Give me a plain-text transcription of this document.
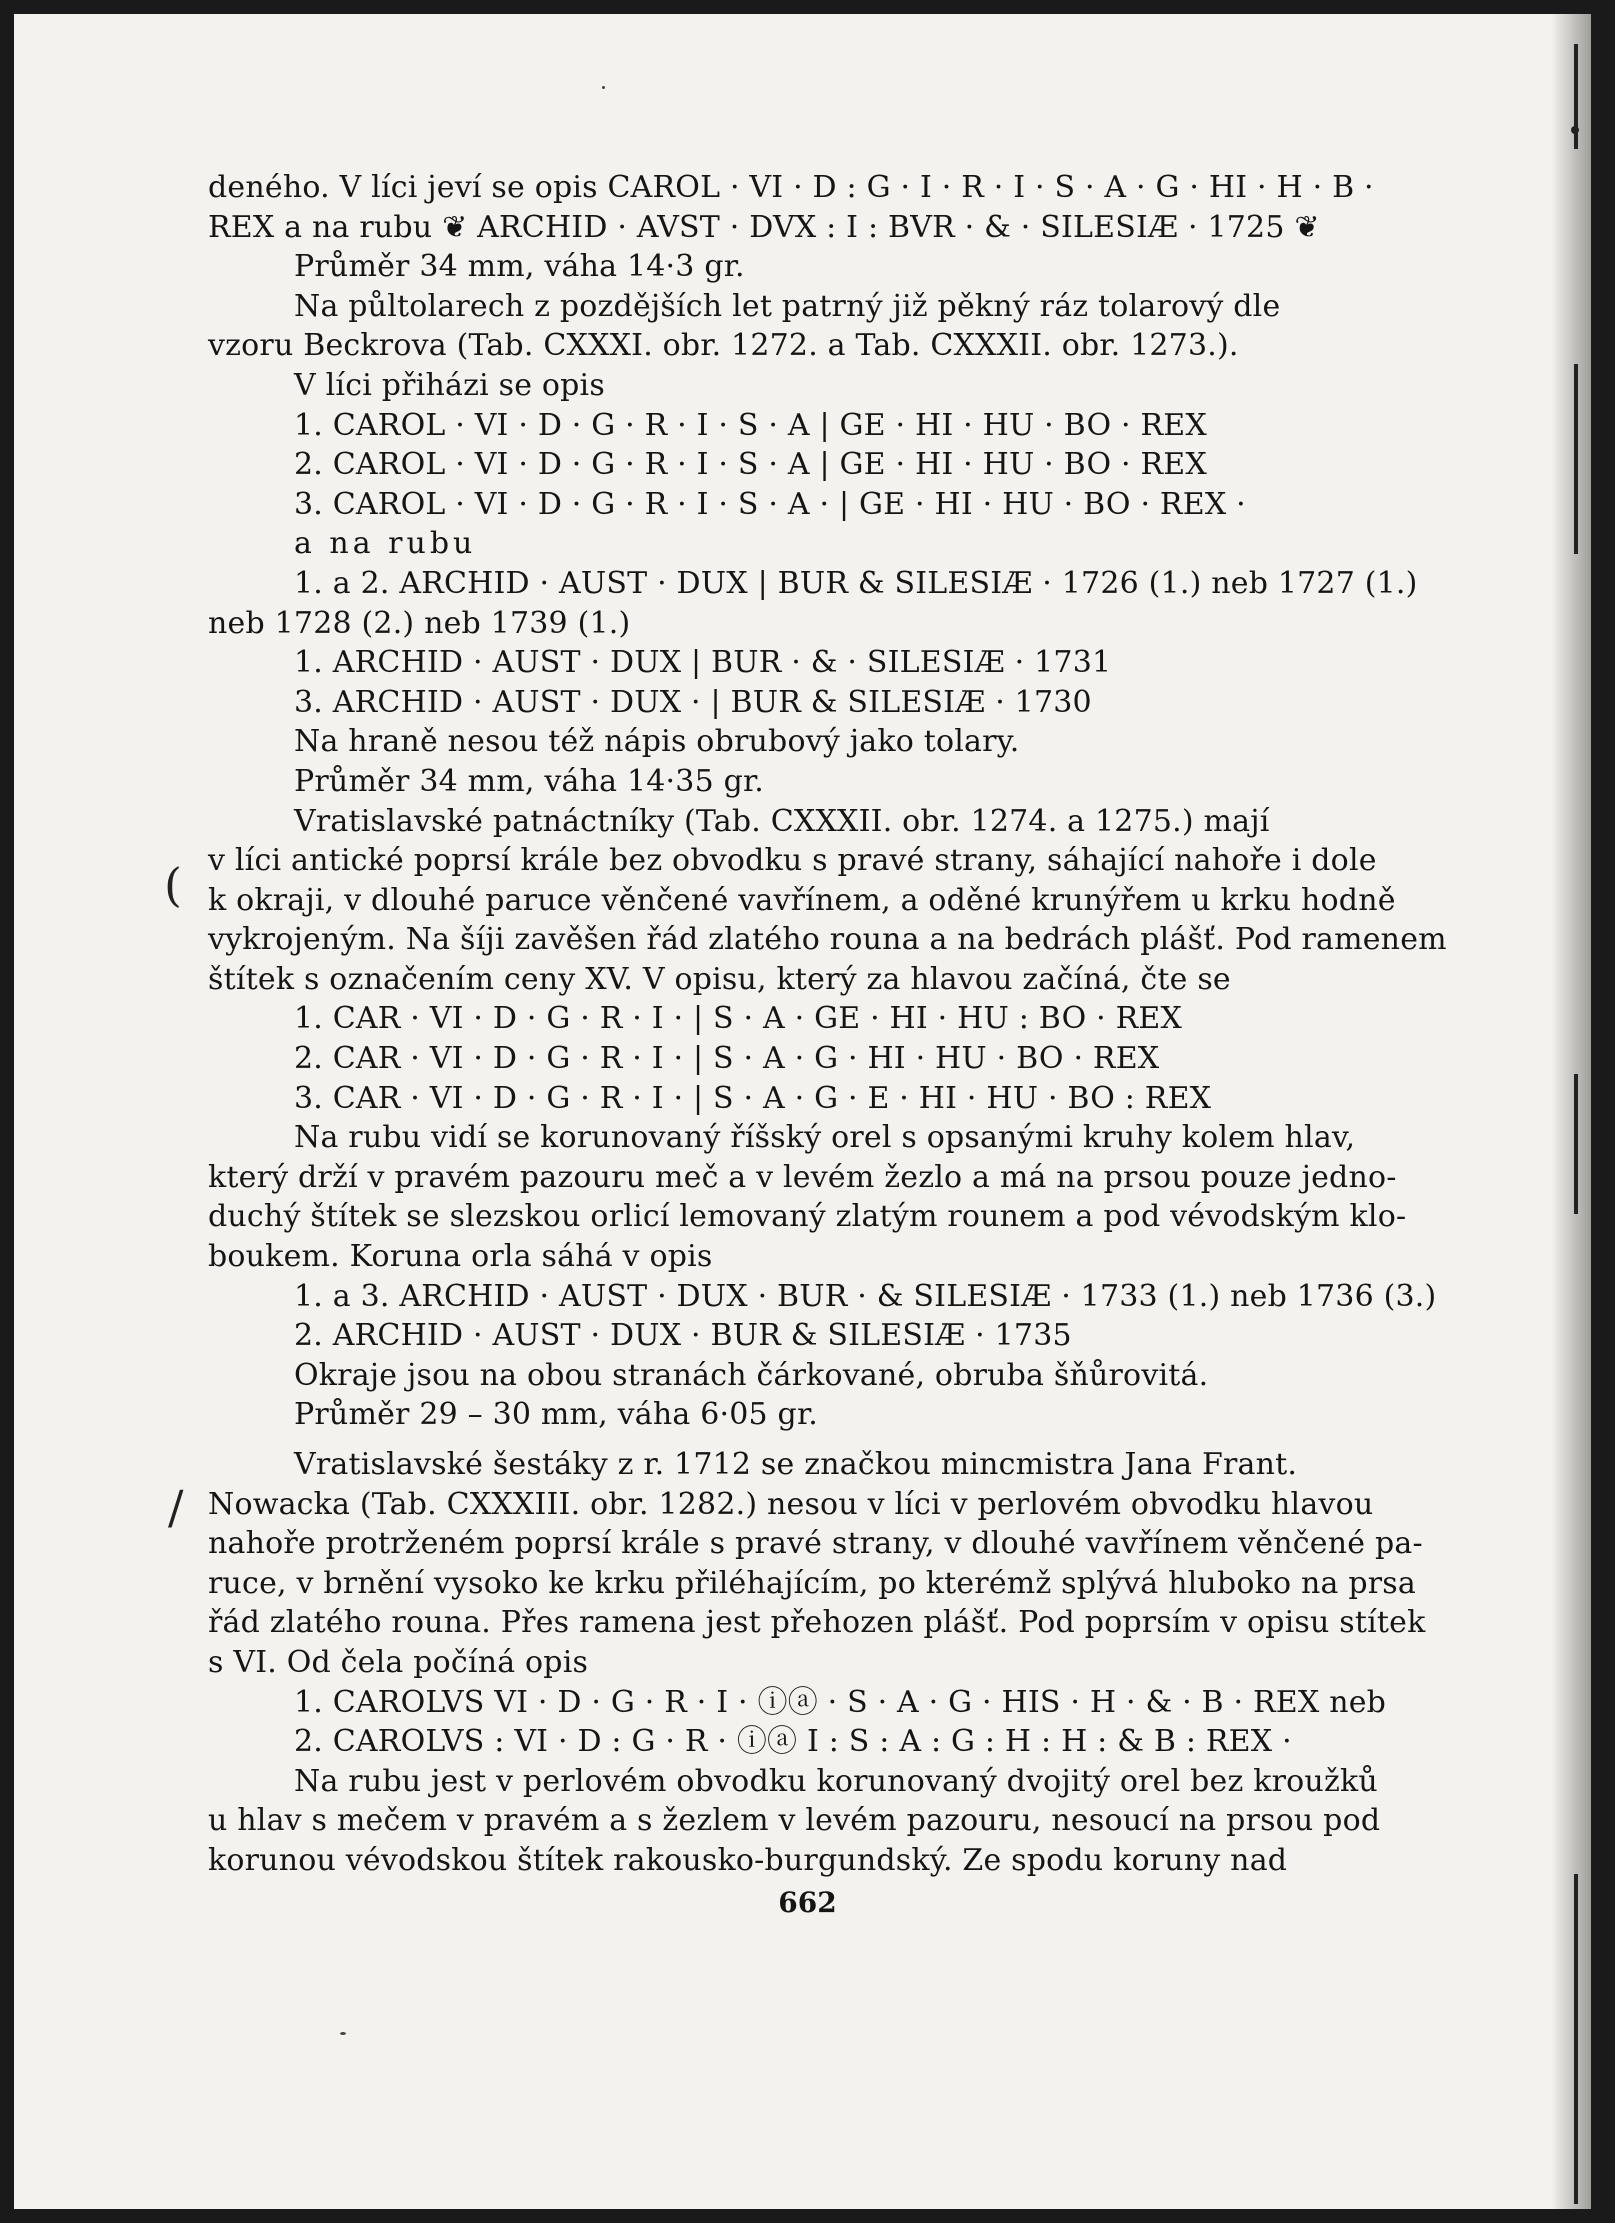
(
/
deného. V líci jeví se opis CAROL · VI · D : G · I · R · I · S · A · G · HI · H · B ·
REX a na rubu ❦ ARCHID · AVST · DVX : I : BVR · & · SILESIÆ · 1725 ❦
Průměr 34 mm, váha 14·3 gr.
Na půltolarech z pozdějších let patrný již pěkný ráz tolarový dle
vzoru Beckrova (Tab. CXXXI. obr. 1272. a Tab. CXXXII. obr. 1273.).
V líci přiházi se opis
1. CAROL · VI · D · G · R · I · S · A | GE · HI · HU · BO · REX
2. CAROL · VI · D · G · R · I · S · A | GE · HI · HU · BO · REX
3. CAROL · VI · D · G · R · I · S · A · | GE · HI · HU · BO · REX ·
a na rubu
1. a 2. ARCHID · AUST · DUX | BUR & SILESIÆ · 1726 (1.) neb 1727 (1.)
neb 1728 (2.) neb 1739 (1.)
1. ARCHID · AUST · DUX | BUR · & · SILESIÆ · 1731
3. ARCHID · AUST · DUX · | BUR & SILESIÆ · 1730
Na hraně nesou též nápis obrubový jako tolary.
Průměr 34 mm, váha 14·35 gr.
Vratislavské patnáctníky (Tab. CXXXII. obr. 1274. a 1275.) mají
v líci antické poprsí krále bez obvodku s pravé strany, sáhající nahoře i dole
k okraji, v dlouhé paruce věnčené vavřínem, a oděné krunýřem u krku hodně
vykrojeným. Na šíji zavěšen řád zlatého rouna a na bedrách plášť. Pod ramenem
štítek s označením ceny XV. V opisu, který za hlavou začíná, čte se
1. CAR · VI · D · G · R · I · | S · A · GE · HI · HU : BO · REX
2. CAR · VI · D · G · R · I · | S · A · G · HI · HU · BO · REX
3. CAR · VI · D · G · R · I · | S · A · G · E · HI · HU · BO : REX
Na rubu vidí se korunovaný říšský orel s opsanými kruhy kolem hlav,
který drží v pravém pazouru meč a v levém žezlo a má na prsou pouze jedno-
duchý štítek se slezskou orlicí lemovaný zlatým rounem a pod vévodským klo-
boukem. Koruna orla sáhá v opis
1. a 3. ARCHID · AUST · DUX · BUR · & SILESIÆ · 1733 (1.) neb 1736 (3.)
2. ARCHID · AUST · DUX · BUR & SILESIÆ · 1735
Okraje jsou na obou stranách čárkované, obruba šňůrovitá.
Průměr 29 – 30 mm, váha 6·05 gr.
Vratislavské šestáky z r. 1712 se značkou mincmistra Jana Frant.
Nowacka (Tab. CXXXIII. obr. 1282.) nesou v líci v perlovém obvodku hlavou
nahoře protrženém poprsí krále s pravé strany, v dlouhé vavřínem věnčené pa-
ruce, v brnění vysoko ke krku přiléhajícím, po kterémž splývá hluboko na prsa
řád zlatého rouna. Přes ramena jest přehozen plášť. Pod poprsím v opisu stítek
s VI. Od čela počíná opis
1. CAROLVS VI · D · G · R · I · ⓘⓐ · S · A · G · HIS · H · & · B · REX neb
2. CAROLVS : VI · D : G · R · ⓘⓐ I : S : A : G : H : H : & B : REX ·
Na rubu jest v perlovém obvodku korunovaný dvojitý orel bez kroužků
u hlav s mečem v pravém a s žezlem v levém pazouru, nesoucí na prsou pod
korunou vévodskou štítek rakousko-burgundský. Ze spodu koruny nad
662
